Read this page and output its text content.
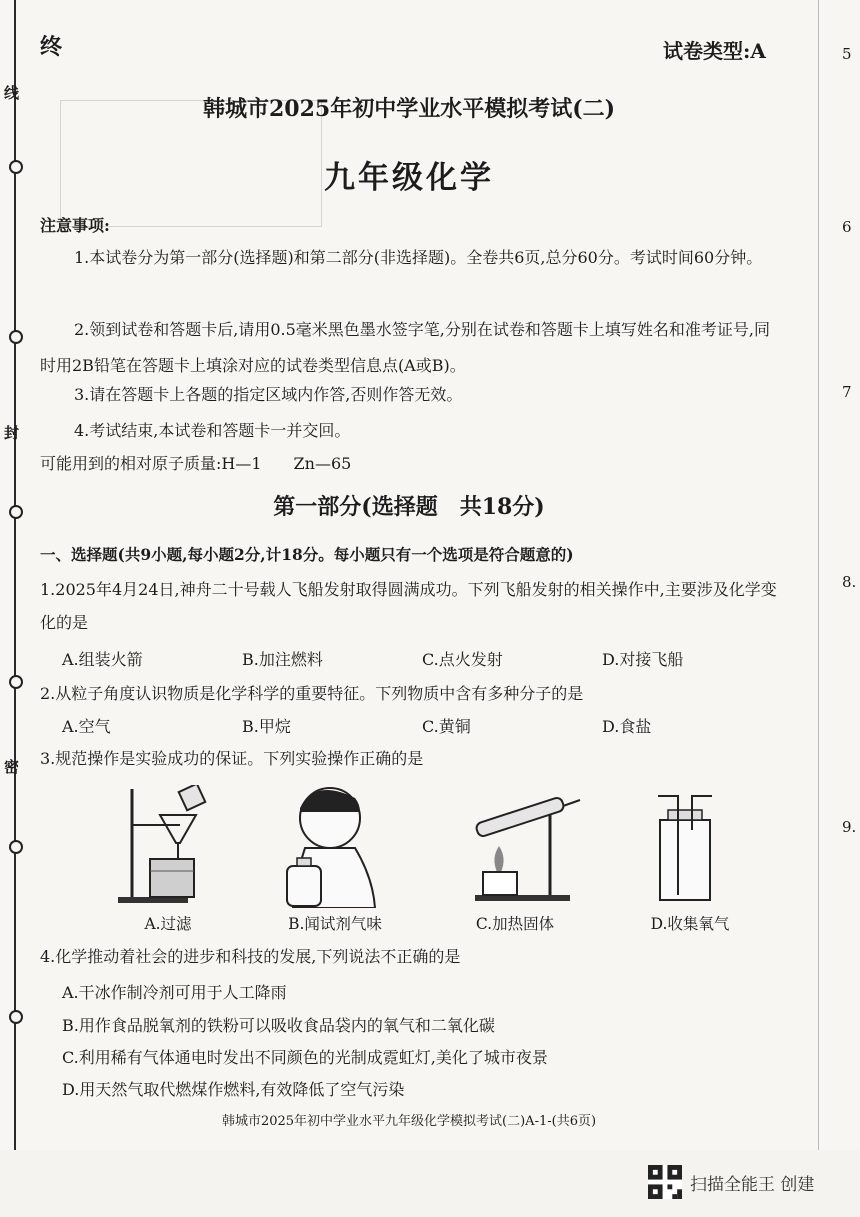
线
封
密
5
6
7
8.
9.
终	试卷类型:A
韩城市2025年初中学业水平模拟考试(二)
九年级化学
注意事项:
1.本试卷分为第一部分(选择题)和第二部分(非选择题)。全卷共6页,总分60分。考试时间60分钟。
2.领到试卷和答题卡后,请用0.5毫米黑色墨水签字笔,分别在试卷和答题卡上填写姓名和准考证号,同时用2B铅笔在答题卡上填涂对应的试卷类型信息点(A或B)。
3.请在答题卡上各题的指定区域内作答,否则作答无效。
4.考试结束,本试卷和答题卡一并交回。
可能用到的相对原子质量:H—1　　Zn—65
第一部分(选择题　共18分)
一、选择题(共9小题,每小题2分,计18分。每小题只有一个选项是符合题意的)
1.2025年4月24日,神舟二十号载人飞船发射取得圆满成功。下列飞船发射的相关操作中,主要涉及化学变化的是
A.组装火箭	B.加注燃料	C.点火发射	D.对接飞船
2.从粒子角度认识物质是化学科学的重要特征。下列物质中含有多种分子的是
A.空气	B.甲烷	C.黄铜	D.食盐
3.规范操作是实验成功的保证。下列实验操作正确的是
A.过滤	B.闻试剂气味	C.加热固体	D.收集氧气
4.化学推动着社会的进步和科技的发展,下列说法不正确的是
A.干冰作制冷剂可用于人工降雨
B.用作食品脱氧剂的铁粉可以吸收食品袋内的氧气和二氧化碳
C.利用稀有气体通电时发出不同颜色的光制成霓虹灯,美化了城市夜景
D.用天然气取代燃煤作燃料,有效降低了空气污染
韩城市2025年初中学业水平九年级化学模拟考试(二)A-1-(共6页)
扫描全能王 创建
